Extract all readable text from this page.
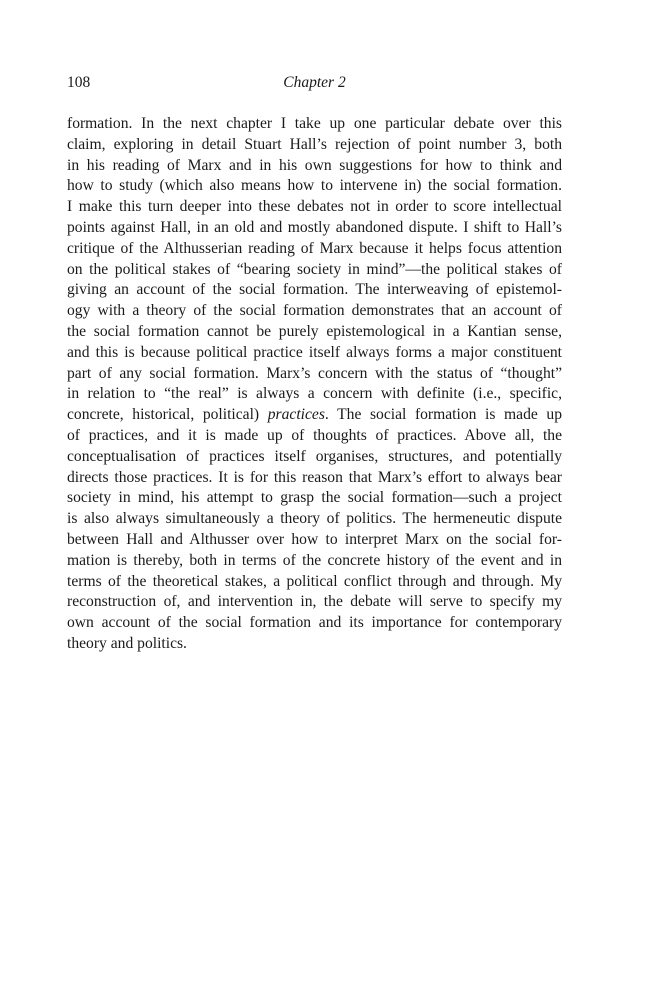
108	Chapter 2
formation. In the next chapter I take up one particular debate over this
claim, exploring in detail Stuart Hall’s rejection of point number 3, both
in his reading of Marx and in his own suggestions for how to think and
how to study (which also means how to intervene in) the social formation.
I make this turn deeper into these debates not in order to score intellectual
points against Hall, in an old and mostly abandoned dispute. I shift to Hall’s
critique of the Althusserian reading of Marx because it helps focus attention
on the political stakes of “bearing society in mind”—the political stakes of
giving an account of the social formation. The interweaving of epistemol-
ogy with a theory of the social formation demonstrates that an account of
the social formation cannot be purely epistemological in a Kantian sense,
and this is because political practice itself always forms a major constituent
part of any social formation. Marx’s concern with the status of “thought”
in relation to “the real” is always a concern with definite (i.e., specific,
concrete, historical, political) practices. The social formation is made up
of practices, and it is made up of thoughts of practices. Above all, the
conceptualisation of practices itself organises, structures, and potentially
directs those practices. It is for this reason that Marx’s effort to always bear
society in mind, his attempt to grasp the social formation—such a project
is also always simultaneously a theory of politics. The hermeneutic dispute
between Hall and Althusser over how to interpret Marx on the social for-
mation is thereby, both in terms of the concrete history of the event and in
terms of the theoretical stakes, a political conflict through and through. My
reconstruction of, and intervention in, the debate will serve to specify my
own account of the social formation and its importance for contemporary
theory and politics.
